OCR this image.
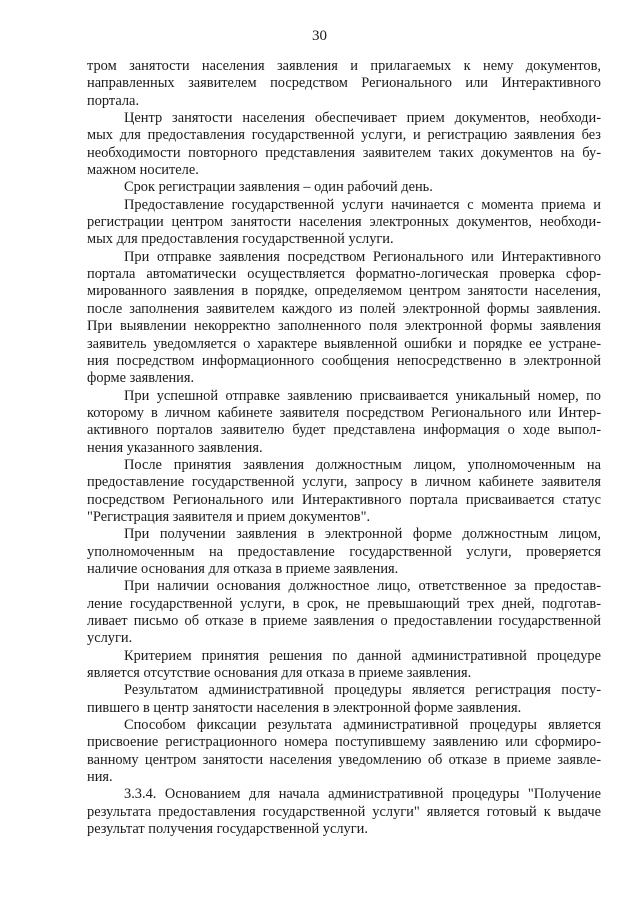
30
тром занятости населения заявления и прилагаемых к нему документов,
направленных заявителем посредством Регионального или Интерактивного
портала.
Центр занятости населения обеспечивает прием документов, необходи-
мых для предоставления государственной услуги, и регистрацию заявления без
необходимости повторного представления заявителем таких документов на бу-
мажном носителе.
Срок регистрации заявления – один рабочий день.
Предоставление государственной услуги начинается с момента приема и
регистрации центром занятости населения электронных документов, необходи-
мых для предоставления государственной услуги.
При отправке заявления посредством Регионального или Интерактивного
портала автоматически осуществляется форматно-логическая проверка сфор-
мированного заявления в порядке, определяемом центром занятости населения,
после заполнения заявителем каждого из полей электронной формы заявления.
При выявлении некорректно заполненного поля электронной формы заявления
заявитель уведомляется о характере выявленной ошибки и порядке ее устране-
ния посредством информационного сообщения непосредственно в электронной
форме заявления.
При успешной отправке заявлению присваивается уникальный номер, по
которому в личном кабинете заявителя посредством Регионального или Интер-
активного порталов заявителю будет представлена информация о ходе выпол-
нения указанного заявления.
После принятия заявления должностным лицом, уполномоченным на
предоставление государственной услуги, запросу в личном кабинете заявителя
посредством Регионального или Интерактивного портала присваивается статус
"Регистрация заявителя и прием документов".
При получении заявления в электронной форме должностным лицом,
уполномоченным на предоставление государственной услуги, проверяется
наличие основания для отказа в приеме заявления.
При наличии основания должностное лицо, ответственное за предостав-
ление государственной услуги, в срок, не превышающий трех дней, подготав-
ливает письмо об отказе в приеме заявления о предоставлении государственной
услуги.
Критерием принятия решения по данной административной процедуре
является отсутствие основания для отказа в приеме заявления.
Результатом административной процедуры является регистрация посту-
пившего в центр занятости населения в электронной форме заявления.
Способом фиксации результата административной процедуры является
присвоение регистрационного номера поступившему заявлению или сформиро-
ванному центром занятости населения уведомлению об отказе в приеме заявле-
ния.
3.3.4. Основанием для начала административной процедуры "Получение
результата предоставления государственной услуги" является готовый к выдаче
результат получения государственной услуги.
